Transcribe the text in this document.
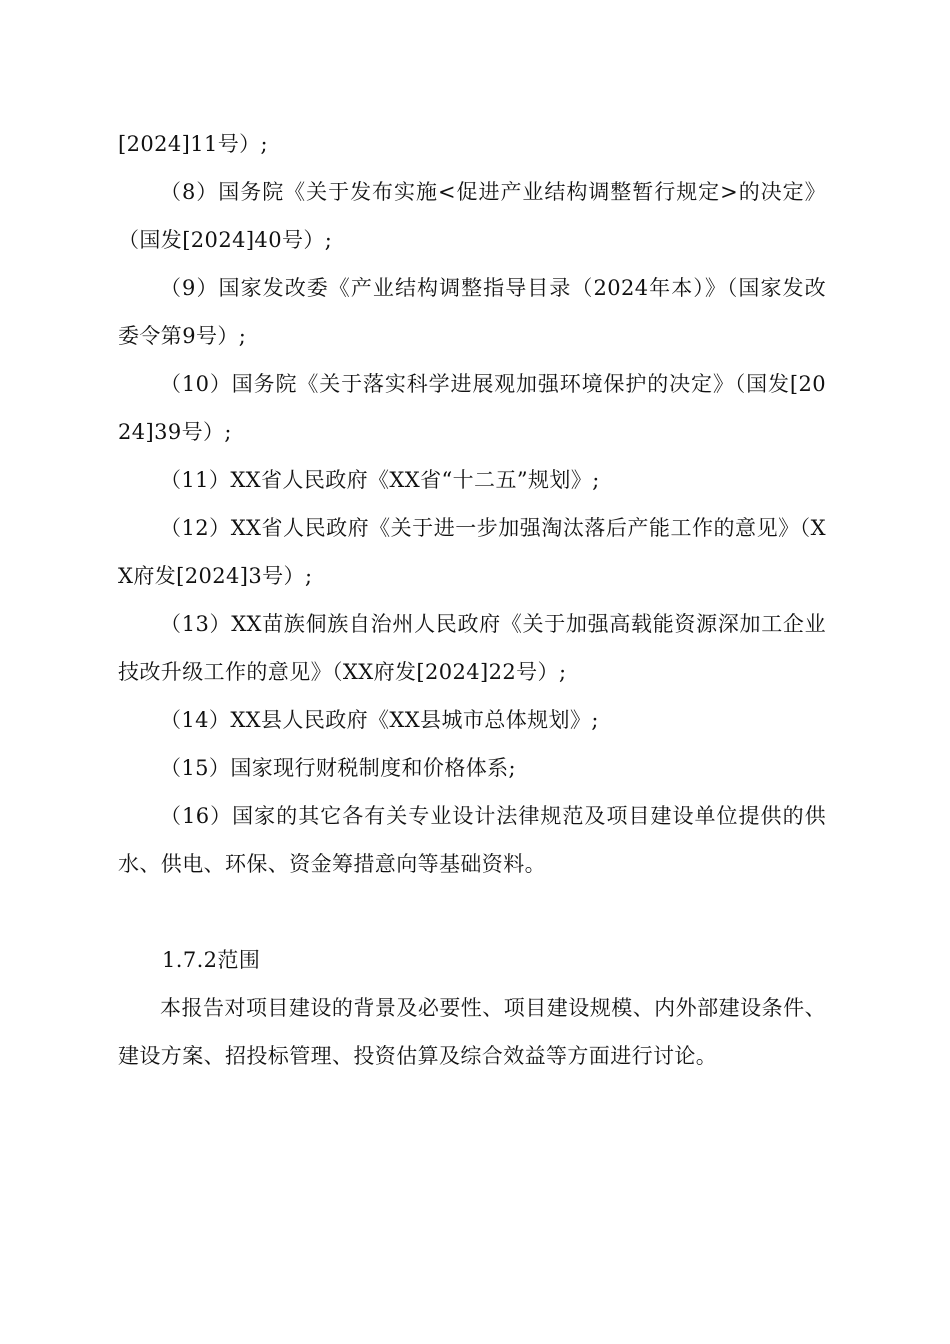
[2024]11号）;

（8）国务院《关于发布实施<促进产业结构调整暂行规定>的决定》（国发[2024]40号）;

（9）国家发改委《产业结构调整指导目录（2024年本）》（国家发改委令第9号）;

（10）国务院《关于落实科学进展观加强环境保护的决定》（国发[2024]39号）;

（11）XX省人民政府《XX省“十二五”规划》;

（12）XX省人民政府《关于进一步加强淘汰落后产能工作的意见》（XX府发[2024]3号）;

（13）XX苗族侗族自治州人民政府《关于加强高载能资源深加工企业技改升级工作的意见》（XX府发[2024]22号）;

（14）XX县人民政府《XX县城市总体规划》;

（15）国家现行财税制度和价格体系;

（16）国家的其它各有关专业设计法律规范及项目建设单位提供的供水、供电、环保、资金筹措意向等基础资料。

1.7.2范围

本报告对项目建设的背景及必要性、项目建设规模、内外部建设条件、建设方案、招投标管理、投资估算及综合效益等方面进行讨论。
